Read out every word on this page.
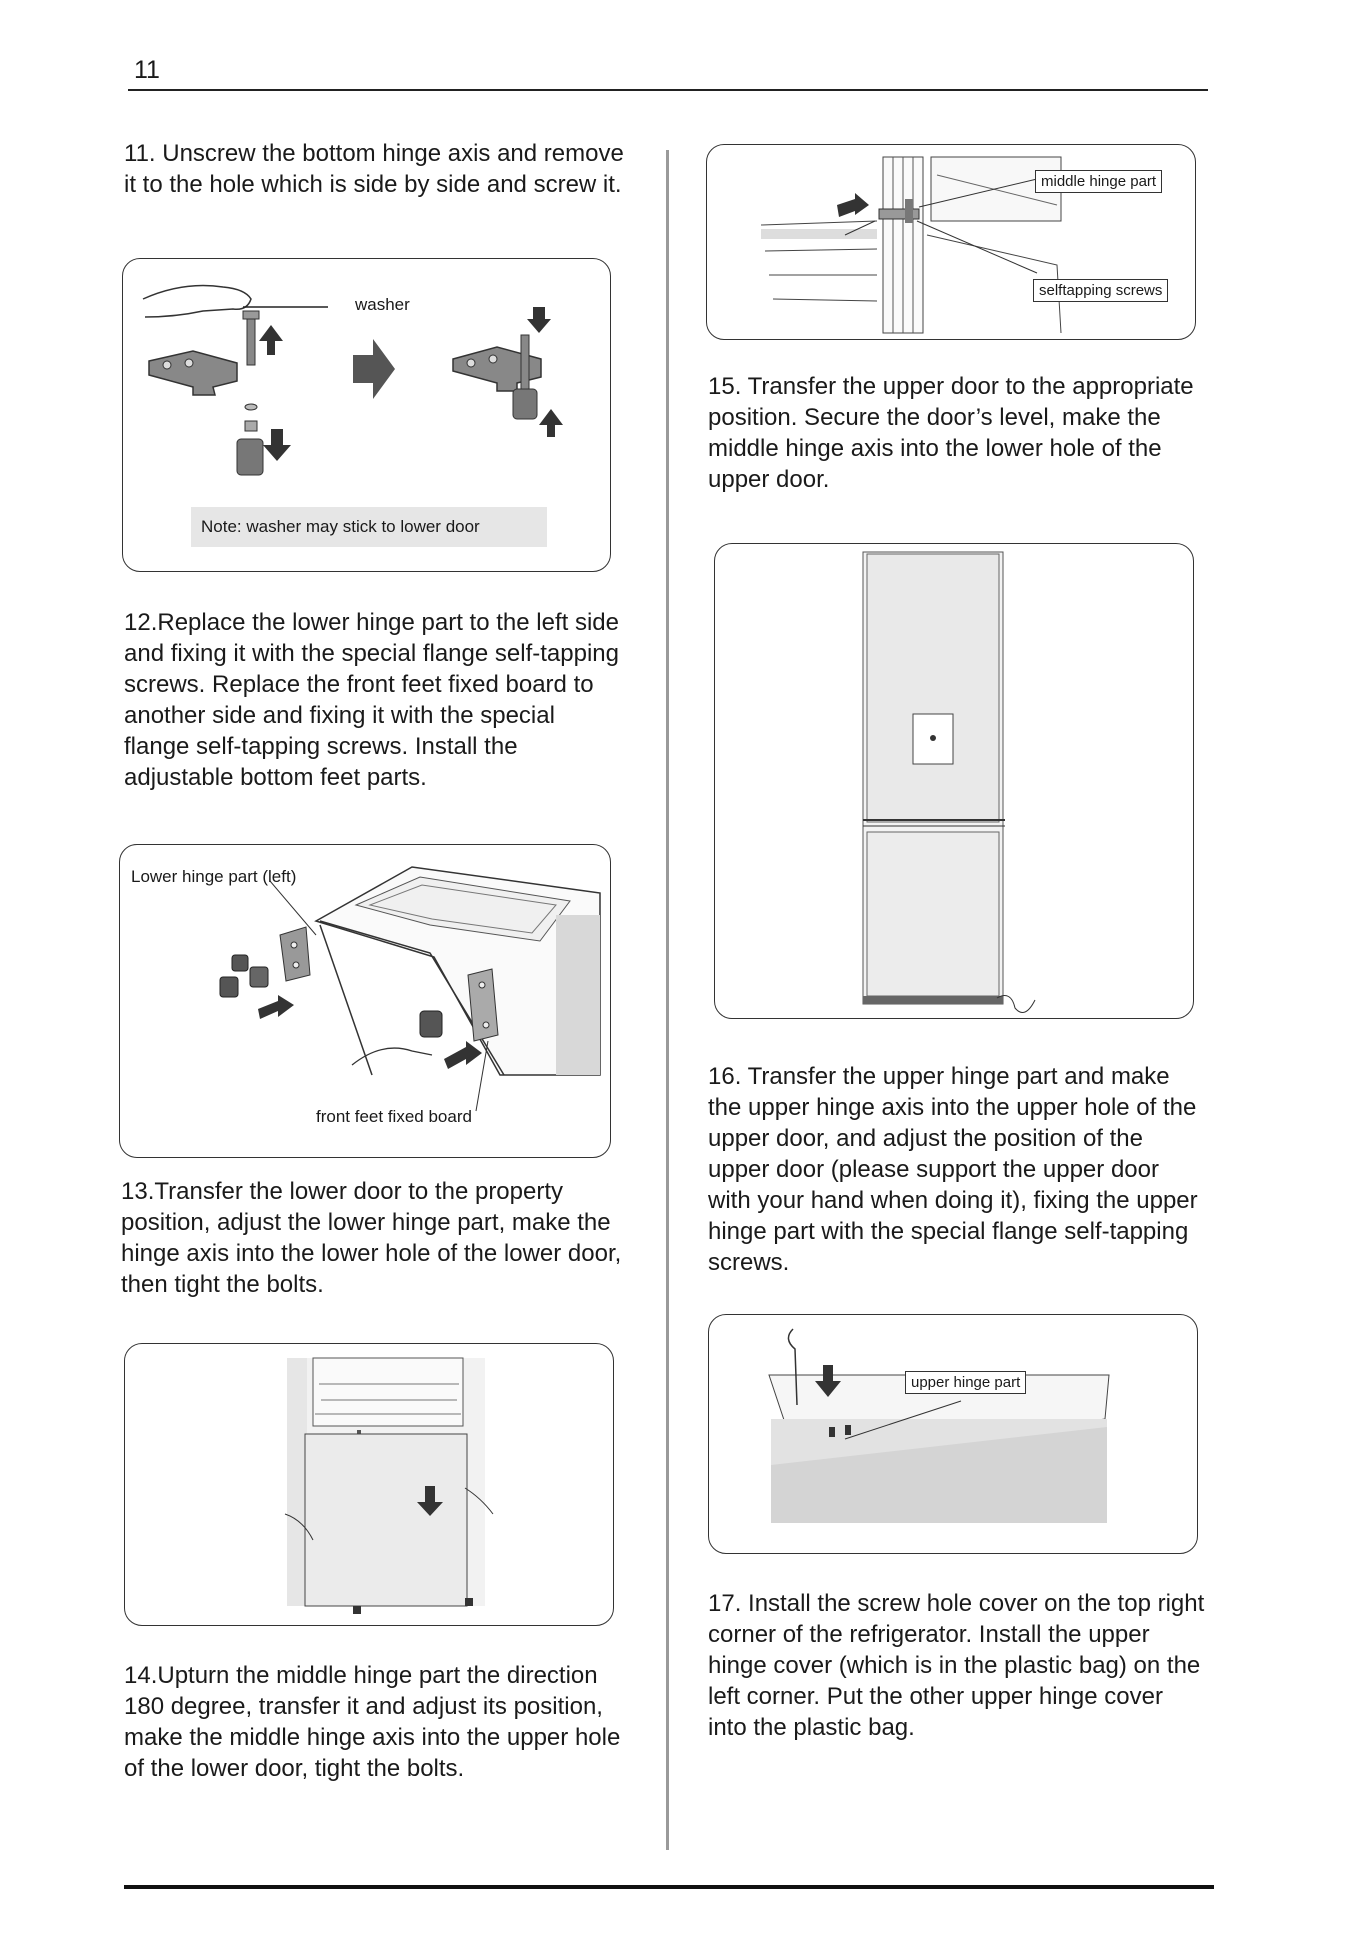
11
11. Unscrew the bottom hinge axis and remove it to the hole which is side by side and screw it.
washer
Note: washer may stick to lower door
12.Replace the lower hinge part to the left side and fixing it with the special flange self-tapping screws. Replace the front feet fixed board to another side and fixing it with the special flange self-tapping screws. Install the adjustable bottom feet parts.
Lower hinge part (left)
front feet fixed board
13.Transfer the lower door to the property position, adjust the lower hinge part, make the hinge axis into the lower hole of the lower door, then tight the bolts.
14.Upturn the middle hinge part the direction 180 degree, transfer it and adjust its position, make the middle hinge axis into the upper hole of the lower door, tight the bolts.
middle hinge part
selftapping screws
15. Transfer the upper door to the appropriate position. Secure the door’s level, make the middle hinge axis into the lower hole of the upper door.
16. Transfer the upper hinge part and make the upper hinge axis into the upper hole of the upper door, and adjust the position of the upper door (please support the upper door with your hand when doing it), fixing the upper hinge part with the special flange self-tapping screws.
upper hinge part
17. Install the screw hole cover on the top right corner of the refrigerator. Install the upper hinge cover (which is in the plastic bag) on the left corner. Put the other upper hinge cover into the plastic bag.
